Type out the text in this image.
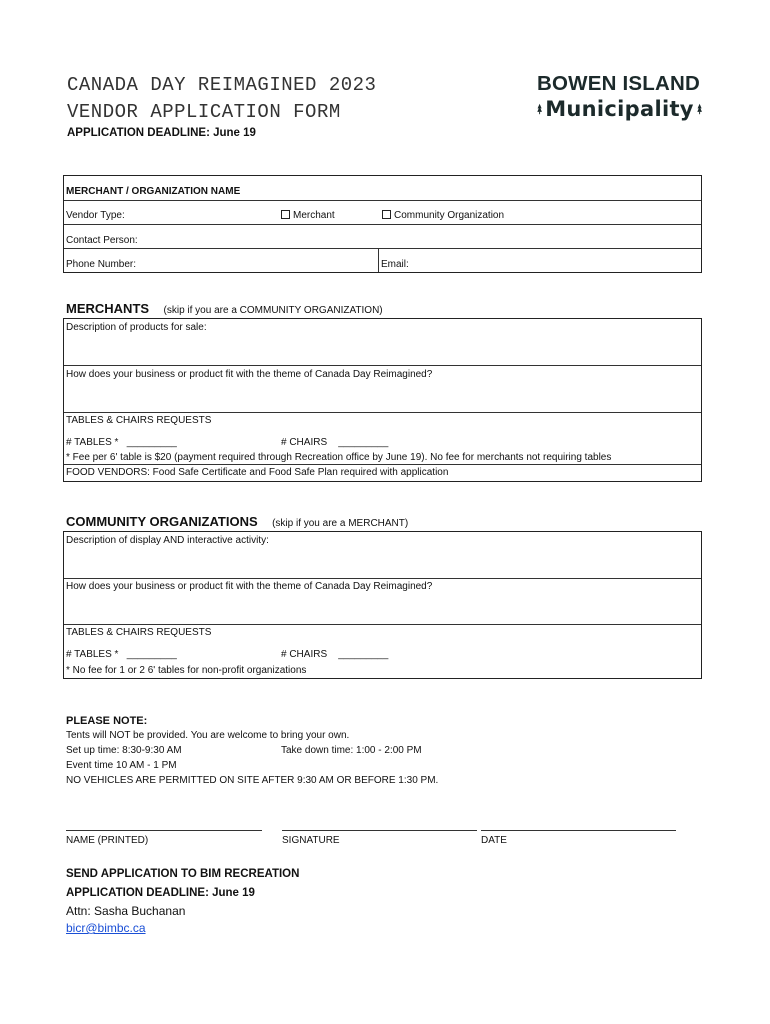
CANADA DAY REIMAGINED 2023
VENDOR APPLICATION FORM
APPLICATION DEADLINE: June 19
BOWEN ISLAND
Municipality
MERCHANT / ORGANIZATION NAME
Vendor Type:	Merchant	Community Organization
Contact Person:
Phone Number:	Email:
MERCHANTS (skip if you are a COMMUNITY ORGANIZATION)
Description of products for sale:
How does your business or product fit with the theme of Canada Day Reimagined?
TABLES & CHAIRS REQUESTS
# TABLES * _________	# CHAIRS _________
* Fee per 6' table is $20 (payment required through Recreation office by June 19). No fee for merchants not requiring tables
FOOD VENDORS: Food Safe Certificate and Food Safe Plan required with application
COMMUNITY ORGANIZATIONS (skip if you are a MERCHANT)
Description of display AND interactive activity:
How does your business or product fit with the theme of Canada Day Reimagined?
TABLES & CHAIRS REQUESTS
# TABLES * _________	# CHAIRS _________
* No fee for 1 or 2 6' tables for non-profit organizations
PLEASE NOTE:
Tents will NOT be provided. You are welcome to bring your own.
Set up time: 8:30-9:30 AM	Take down time: 1:00 - 2:00 PM
Event time 10 AM - 1 PM
NO VEHICLES ARE PERMITTED ON SITE AFTER 9:30 AM OR BEFORE 1:30 PM.
NAME (PRINTED)	SIGNATURE	DATE
SEND APPLICATION TO BIM RECREATION
APPLICATION DEADLINE: June 19
Attn: Sasha Buchanan
bicr@bimbc.ca
